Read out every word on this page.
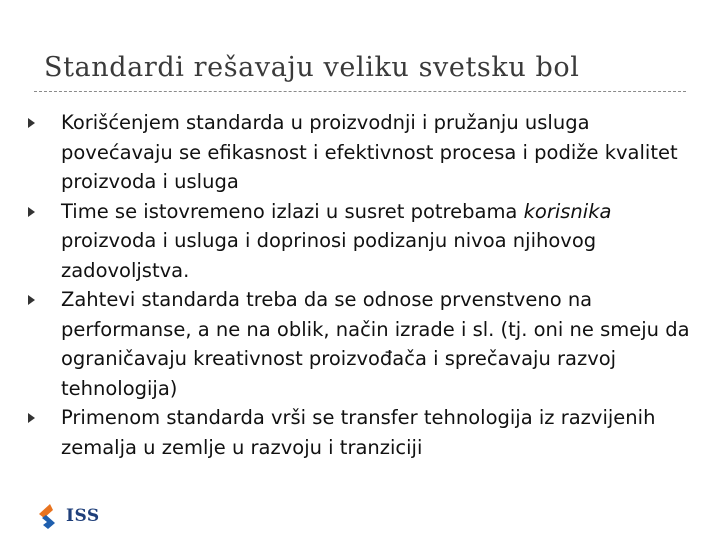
Standardi rešavaju veliku svetsku bol
Korišćenjem standarda u proizvodnji i pružanju usluga povećavaju se efikasnost i efektivnost procesa i podiže kvalitet proizvoda i usluga
Time se istovremeno izlazi u susret potrebama korisnika proizvoda i usluga i doprinosi podizanju nivoa njihovog zadovoljstva.
Zahtevi standarda treba da se odnose prvenstveno na performanse, a ne na oblik, način izrade i sl. (tj. oni ne smeju da ograničavaju kreativnost proizvođača i sprečavaju razvoj tehnologija)
Primenom standarda vrši se transfer tehnologija iz razvijenih zemalja u zemlje u razvoju i tranziciji
ISS
